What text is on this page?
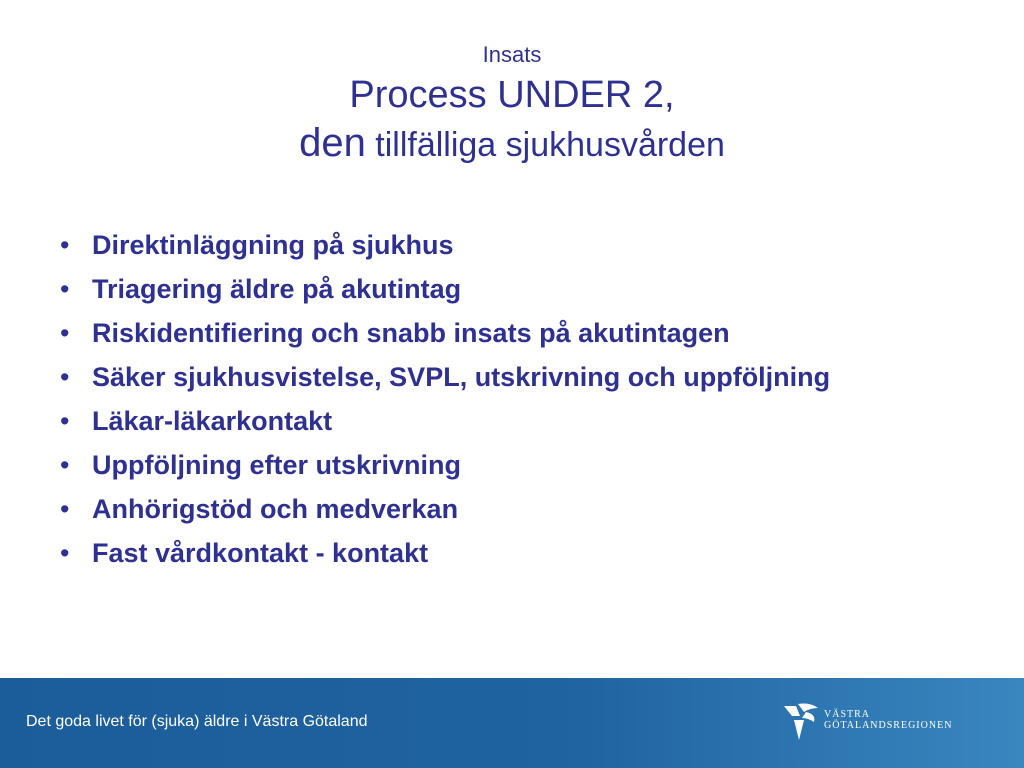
Insats

Process UNDER 2,

den tillfälliga sjukhusvården

• Direktinläggning på sjukhus
• Triagering äldre på akutintag
• Riskidentifiering och snabb insats på akutintagen
• Säker sjukhusvistelse, SVPL, utskrivning och uppföljning
• Läkar-läkarkontakt
• Uppföljning efter utskrivning
• Anhörigstöd och medverkan
• Fast vårdkontakt - kontakt
Det goda livet för (sjuka) äldre i Västra Götaland	VÄSTRA
GÖTALANDSREGIONEN
